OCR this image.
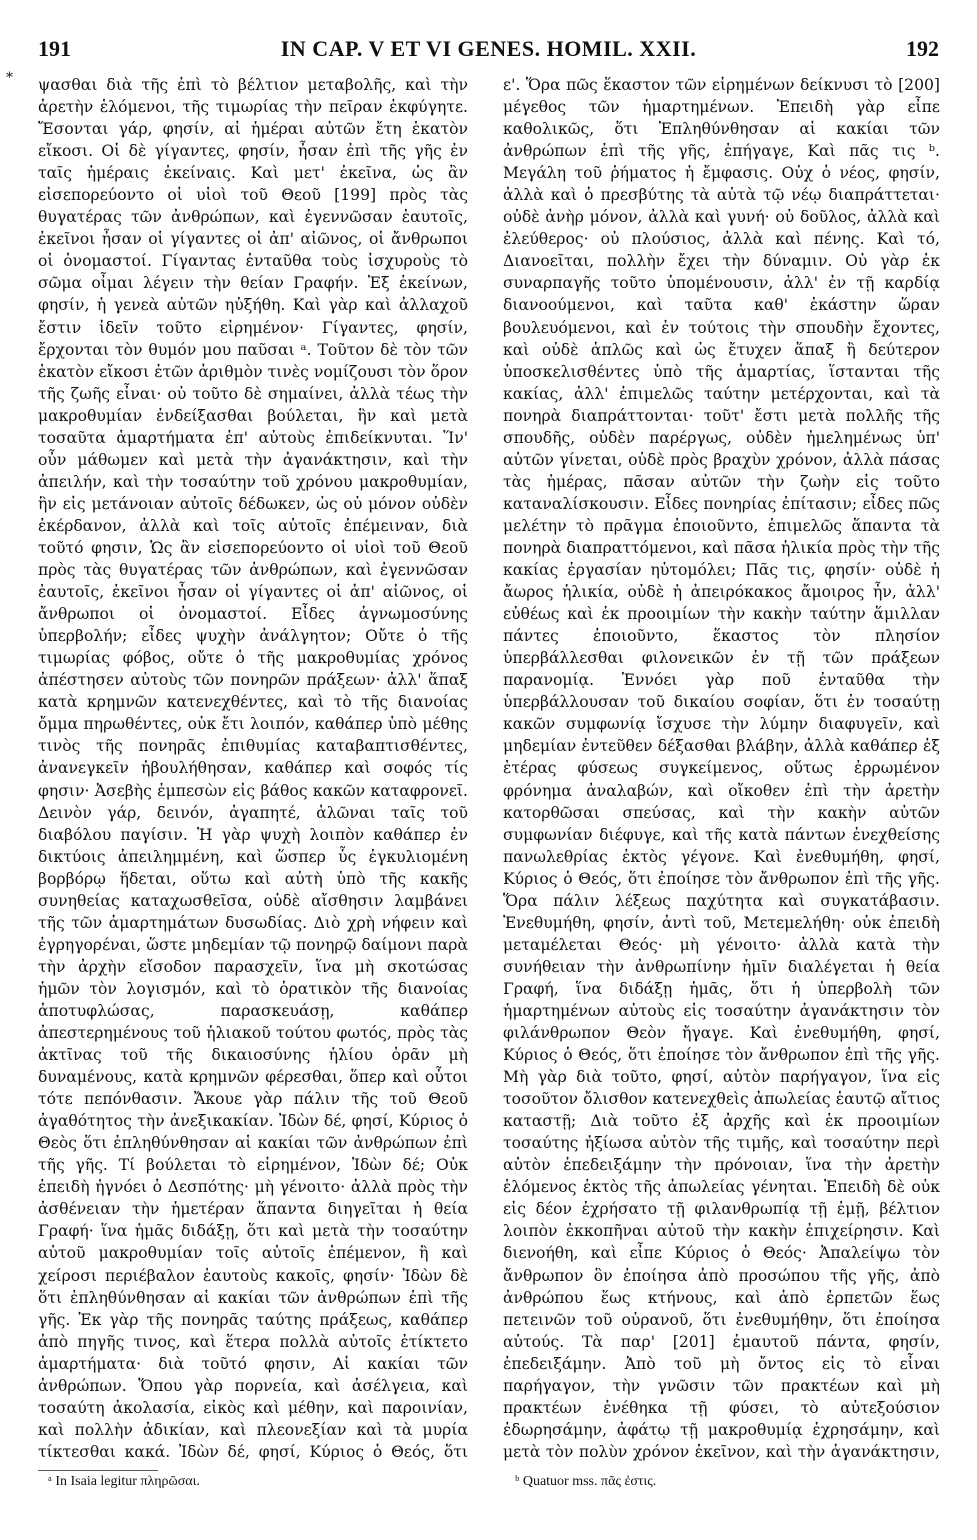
*
191	IN CAP. V ET VI GENES. HOMIL. XXII.	192

ψασθαι διὰ τῆς ἐπὶ τὸ βέλτιον μεταβολῆς, καὶ τὴν ἀρετὴν ἑλόμενοι, τῆς τιμωρίας τὴν πεῖραν ἐκφύγητε. Ἔσονται γάρ, φησίν, αἱ ἡμέραι αὐτῶν ἔτη ἑκατὸν εἴκοσι. Οἱ δὲ γίγαντες, φησίν, ἦσαν ἐπὶ τῆς γῆς ἐν ταῖς ἡμέραις ἐκείναις. Καὶ μετ' ἐκεῖνα, ὡς ἂν εἰσεπορεύοντο οἱ υἱοὶ τοῦ Θεοῦ [199] πρὸς τὰς θυγατέρας τῶν ἀνθρώπων, καὶ ἐγεννῶσαν ἑαυτοῖς, ἐκεῖνοι ἦσαν οἱ γίγαντες οἱ ἀπ' αἰῶνος, οἱ ἄνθρωποι οἱ ὀνομαστοί. Γίγαντας ἐνταῦθα τοὺς ἰσχυροὺς τὸ σῶμα οἶμαι λέγειν τὴν θείαν Γραφήν. Ἐξ ἐκείνων, φησίν, ἡ γενεὰ αὐτῶν ηὐξήθη. Καὶ γὰρ καὶ ἀλλαχοῦ ἔστιν ἰδεῖν τοῦτο εἰρημένον· Γίγαντες, φησίν, ἔρχονται τὸν θυμόν μου παῦσαι ᵃ. Τοῦτον δὲ τὸν τῶν ἑκατὸν εἴκοσι ἐτῶν ἀριθμὸν τινὲς νομίζουσι τὸν ὅρον τῆς ζωῆς εἶναι· οὐ τοῦτο δὲ σημαίνει, ἀλλὰ τέως τὴν μακροθυμίαν ἐνδείξασθαι βούλεται, ἣν καὶ μετὰ τοσαῦτα ἁμαρτήματα ἐπ' αὐτοὺς ἐπιδείκνυται. Ἵν' οὖν μάθωμεν καὶ μετὰ τὴν ἀγανάκτησιν, καὶ τὴν ἀπειλήν, καὶ τὴν τοσαύτην τοῦ χρόνου μακροθυμίαν, ἣν εἰς μετάνοιαν αὐτοῖς δέδωκεν, ὡς οὐ μόνον οὐδὲν ἐκέρδανον, ἀλλὰ καὶ τοῖς αὐτοῖς ἐπέμειναν, διὰ τοῦτό φησιν, Ὡς ἂν εἰσεπορεύοντο οἱ υἱοὶ τοῦ Θεοῦ πρὸς τὰς θυγατέρας τῶν ἀνθρώπων, καὶ ἐγεννῶσαν ἑαυτοῖς, ἐκεῖνοι ἦσαν οἱ γίγαντες οἱ ἀπ' αἰῶνος, οἱ ἄνθρωποι οἱ ὀνομαστοί. Εἶδες ἀγνωμοσύνης ὑπερβολήν; εἶδες ψυχὴν ἀνάλγητον; Οὔτε ὁ τῆς τιμωρίας φόβος, οὔτε ὁ τῆς μακροθυμίας χρόνος ἀπέστησεν αὐτοὺς τῶν πονηρῶν πράξεων· ἀλλ' ἅπαξ κατὰ κρημνῶν κατενεχθέντες, καὶ τὸ τῆς διανοίας ὄμμα πηρωθέντες, οὐκ ἔτι λοιπόν, καθάπερ ὑπὸ μέθης τινὸς τῆς πονηρᾶς ἐπιθυμίας καταβαπτισθέντες, ἀνανεγκεῖν ἠβουλήθησαν, καθάπερ καὶ σοφός τίς φησιν· Ἀσεβὴς ἐμπεσὼν εἰς βάθος κακῶν καταφρονεῖ. Δεινὸν γάρ, δεινόν, ἀγαπητέ, ἁλῶναι ταῖς τοῦ διαβόλου παγίσιν. Ἡ γὰρ ψυχὴ λοιπὸν καθάπερ ἐν δικτύοις ἀπειλημμένη, καὶ ὥσπερ ὗς ἐγκυλιομένη βορβόρῳ ἥδεται, οὕτω καὶ αὐτὴ ὑπὸ τῆς κακῆς συνηθείας καταχωσθεῖσα, οὐδὲ αἴσθησιν λαμβάνει τῆς τῶν ἁμαρτημάτων δυσωδίας. Διὸ χρὴ νήφειν καὶ ἐγρηγορέναι, ὥστε μηδεμίαν τῷ πονηρῷ δαίμονι παρὰ τὴν ἀρχὴν εἴσοδον παρασχεῖν, ἵνα μὴ σκοτώσας ἡμῶν τὸν λογισμόν, καὶ τὸ ὁρατικὸν τῆς διανοίας ἀποτυφλώσας, παρασκευάσῃ, καθάπερ ἀπεστερημένους τοῦ ἡλιακοῦ τούτου φωτός, πρὸς τὰς ἀκτῖνας τοῦ τῆς δικαιοσύνης ἡλίου ὁρᾶν μὴ δυναμένους, κατὰ κρημνῶν φέρεσθαι, ὅπερ καὶ οὗτοι τότε πεπόνθασιν. Ἄκουε γὰρ πάλιν τῆς τοῦ Θεοῦ ἀγαθότητος τὴν ἀνεξικακίαν. Ἰδὼν δέ, φησί, Κύριος ὁ Θεὸς ὅτι ἐπληθύνθησαν αἱ κακίαι τῶν ἀνθρώπων ἐπὶ τῆς γῆς. Τί βούλεται τὸ εἰρημένον, Ἰδὼν δέ; Οὐκ ἐπειδὴ ἠγνόει ὁ Δεσπότης· μὴ γένοιτο· ἀλλὰ πρὸς τὴν ἀσθένειαν τὴν ἡμετέραν ἅπαντα διηγεῖται ἡ θεία Γραφή· ἵνα ἡμᾶς διδάξῃ, ὅτι καὶ μετὰ τὴν τοσαύτην αὐτοῦ μακροθυμίαν τοῖς αὐτοῖς ἐπέμενον, ἢ καὶ χείροσι περιέβαλον ἑαυτοὺς κακοῖς, φησίν· Ἰδὼν δὲ ὅτι ἐπληθύνθησαν αἱ κακίαι τῶν ἀνθρώπων ἐπὶ τῆς γῆς. Ἐκ γὰρ τῆς πονηρᾶς ταύτης πράξεως, καθάπερ ἀπὸ πηγῆς τινος, καὶ ἕτερα πολλὰ αὐτοῖς ἐτίκτετο ἁμαρτήματα· διὰ τοῦτό φησιν, Αἱ κακίαι τῶν ἀνθρώπων. Ὅπου γὰρ πορνεία, καὶ ἀσέλγεια, καὶ τοσαύτη ἀκολασία, εἰκὸς καὶ μέθην, καὶ παροινίαν, καὶ πολλὴν ἀδικίαν, καὶ πλεονεξίαν καὶ τὰ μυρία τίκτεσθαι κακά. Ἰδὼν δέ, φησί, Κύριος ὁ Θεός, ὅτι

ε'. Ὅρα πῶς ἕκαστον τῶν εἰρημένων δείκνυσι τὸ [200] μέγεθος τῶν ἡμαρτημένων. Ἐπειδὴ γὰρ εἶπε καθολικῶς, ὅτι Ἐπληθύνθησαν αἱ κακίαι τῶν ἀνθρώπων ἐπὶ τῆς γῆς, ἐπήγαγε, Καὶ πᾶς τις ᵇ. Μεγάλη τοῦ ῥήματος ἡ ἔμφασις. Οὐχ ὁ νέος, φησίν, ἀλλὰ καὶ ὁ πρεσβύτης τὰ αὐτὰ τῷ νέῳ διαπράττεται· οὐδὲ ἀνὴρ μόνον, ἀλλὰ καὶ γυνή· οὐ δοῦλος, ἀλλὰ καὶ ἐλεύθερος· οὐ πλούσιος, ἀλλὰ καὶ πένης. Καὶ τό, Διανοεῖται, πολλὴν ἔχει τὴν δύναμιν. Οὐ γὰρ ἐκ συναρπαγῆς τοῦτο ὑπομένουσιν, ἀλλ' ἐν τῇ καρδίᾳ διανοούμενοι, καὶ ταῦτα καθ' ἑκάστην ὥραν βουλευόμενοι, καὶ ἐν τούτοις τὴν σπουδὴν ἔχοντες, καὶ οὐδὲ ἁπλῶς καὶ ὡς ἔτυχεν ἅπαξ ἢ δεύτερον ὑποσκελισθέντες ὑπὸ τῆς ἁμαρτίας, ἵστανται τῆς κακίας, ἀλλ' ἐπιμελῶς ταύτην μετέρχονται, καὶ τὰ πονηρὰ διαπράττονται· τοῦτ' ἔστι μετὰ πολλῆς τῆς σπουδῆς, οὐδὲν παρέργως, οὐδὲν ἠμελημένως ὑπ' αὐτῶν γίνεται, οὐδὲ πρὸς βραχὺν χρόνον, ἀλλὰ πάσας τὰς ἡμέρας, πᾶσαν αὐτῶν τὴν ζωὴν εἰς τοῦτο καταναλίσκουσιν. Εἶδες πονηρίας ἐπίτασιν; εἶδες πῶς μελέτην τὸ πρᾶγμα ἐποιοῦντο, ἐπιμελῶς ἅπαντα τὰ πονηρὰ διαπραττόμενοι, καὶ πᾶσα ἡλικία πρὸς τὴν τῆς κακίας ἐργασίαν ηὐτομόλει; Πᾶς τις, φησίν· οὐδὲ ἡ ἄωρος ἡλικία, οὐδὲ ἡ ἀπειρόκακος ἄμοιρος ἦν, ἀλλ' εὐθέως καὶ ἐκ προοιμίων τὴν κακὴν ταύτην ἅμιλλαν πάντες ἐποιοῦντο, ἕκαστος τὸν πλησίον ὑπερβάλλεσθαι φιλονεικῶν ἐν τῇ τῶν πράξεων παρανομίᾳ. Ἐννόει γὰρ ποῦ ἐνταῦθα τὴν ὑπερβάλλουσαν τοῦ δικαίου σοφίαν, ὅτι ἐν τοσαύτῃ κακῶν συμφωνίᾳ ἴσχυσε τὴν λύμην διαφυγεῖν, καὶ μηδεμίαν ἐντεῦθεν δέξασθαι βλάβην, ἀλλὰ καθάπερ ἐξ ἑτέρας φύσεως συγκείμενος, οὕτως ἐρρωμένον φρόνημα ἀναλαβών, καὶ οἴκοθεν ἐπὶ τὴν ἀρετὴν κατορθῶσαι σπεύσας, καὶ τὴν κακὴν αὐτῶν συμφωνίαν διέφυγε, καὶ τῆς κατὰ πάντων ἐνεχθείσης πανωλεθρίας ἐκτὸς γέγονε. Καὶ ἐνεθυμήθη, φησί, Κύριος ὁ Θεός, ὅτι ἐποίησε τὸν ἄνθρωπον ἐπὶ τῆς γῆς. Ὅρα πάλιν λέξεως παχύτητα καὶ συγκατάβασιν. Ἐνεθυμήθη, φησίν, ἀντὶ τοῦ, Μετεμελήθη· οὐκ ἐπειδὴ μεταμέλεται Θεός· μὴ γένοιτο· ἀλλὰ κατὰ τὴν συνήθειαν τὴν ἀνθρωπίνην ἡμῖν διαλέγεται ἡ θεία Γραφή, ἵνα διδάξῃ ἡμᾶς, ὅτι ἡ ὑπερβολὴ τῶν ἡμαρτημένων αὐτοὺς εἰς τοσαύτην ἀγανάκτησιν τὸν φιλάνθρωπον Θεὸν ἤγαγε. Καὶ ἐνεθυμήθη, φησί, Κύριος ὁ Θεός, ὅτι ἐποίησε τὸν ἄνθρωπον ἐπὶ τῆς γῆς. Μὴ γὰρ διὰ τοῦτο, φησί, αὐτὸν παρήγαγον, ἵνα εἰς τοσοῦτον ὄλισθον κατενεχθεὶς ἀπωλείας ἑαυτῷ αἴτιος καταστῇ; Διὰ τοῦτο ἐξ ἀρχῆς καὶ ἐκ προοιμίων τοσαύτης ἠξίωσα αὐτὸν τῆς τιμῆς, καὶ τοσαύτην περὶ αὐτὸν ἐπεδειξάμην τὴν πρόνοιαν, ἵνα τὴν ἀρετὴν ἑλόμενος ἐκτὸς τῆς ἀπωλείας γένηται. Ἐπειδὴ δὲ οὐκ εἰς δέον ἐχρήσατο τῇ φιλανθρωπίᾳ τῇ ἐμῇ, βέλτιον λοιπὸν ἐκκοπῆναι αὐτοῦ τὴν κακὴν ἐπιχείρησιν. Καὶ διενοήθη, καὶ εἶπε Κύριος ὁ Θεός· Ἀπαλείψω τὸν ἄνθρωπον ὃν ἐποίησα ἀπὸ προσώπου τῆς γῆς, ἀπὸ ἀνθρώπου ἕως κτήνους, καὶ ἀπὸ ἑρπετῶν ἕως πετεινῶν τοῦ οὐρανοῦ, ὅτι ἐνεθυμήθην, ὅτι ἐποίησα αὐτούς. Τὰ παρ' [201] ἐμαυτοῦ πάντα, φησίν, ἐπεδειξάμην. Ἀπὸ τοῦ μὴ ὄντος εἰς τὸ εἶναι παρήγαγον, τὴν γνῶσιν τῶν πρακτέων καὶ μὴ πρακτέων ἐνέθηκα τῇ φύσει, τὸ αὐτεξούσιον ἐδωρησάμην, ἀφάτῳ τῇ μακροθυμίᾳ ἐχρησάμην, καὶ μετὰ τὸν πολὺν χρόνον ἐκεῖνον, καὶ τὴν ἀγανάκτησιν,

ᵃ In Isaia legitur πληρῶσαι.	ᵇ Quatuor mss. πᾶς ἐστις.
